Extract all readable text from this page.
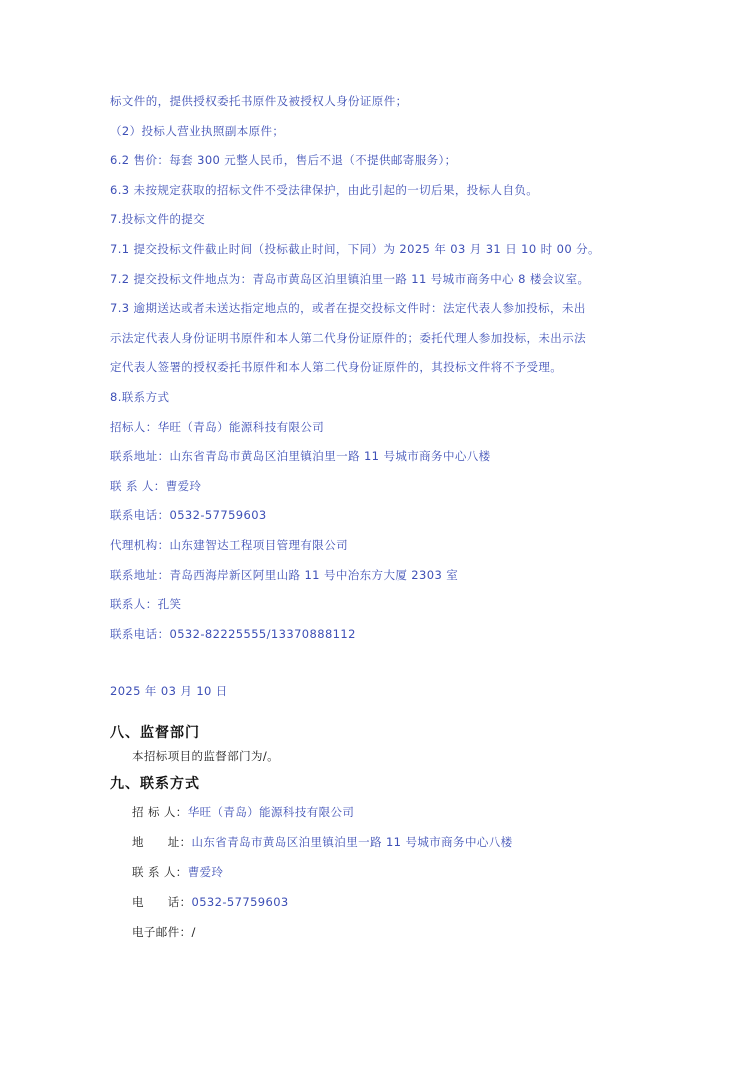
标文件的，提供授权委托书原件及被授权人身份证原件；
（2）投标人营业执照副本原件；
6.2 售价：每套 300 元整人民币，售后不退（不提供邮寄服务）；
6.3 未按规定获取的招标文件不受法律保护，由此引起的一切后果，投标人自负。
7.投标文件的提交
7.1 提交投标文件截止时间（投标截止时间，下同）为 2025 年 03 月 31 日 10 时 00 分。
7.2 提交投标文件地点为：青岛市黄岛区泊里镇泊里一路 11 号城市商务中心 8 楼会议室。
7.3 逾期送达或者未送达指定地点的，或者在提交投标文件时：法定代表人参加投标，未出
示法定代表人身份证明书原件和本人第二代身份证原件的；委托代理人参加投标，未出示法
定代表人签署的授权委托书原件和本人第二代身份证原件的，其投标文件将不予受理。
8.联系方式
招标人：华旺（青岛）能源科技有限公司
联系地址：山东省青岛市黄岛区泊里镇泊里一路 11 号城市商务中心八楼
联 系 人：曹爱玲
联系电话：0532-57759603
代理机构：山东建智达工程项目管理有限公司
联系地址：青岛西海岸新区阿里山路 11 号中冶东方大厦 2303 室
联系人：孔笑
联系电话：0532-82225555/13370888112
2025 年 03 月 10 日
八、监督部门
本招标项目的监督部门为/。
九、联系方式
招 标 人：华旺（青岛）能源科技有限公司
地　　址：山东省青岛市黄岛区泊里镇泊里一路 11 号城市商务中心八楼
联 系 人：曹爱玲
电　　话：0532-57759603
电子邮件：/
